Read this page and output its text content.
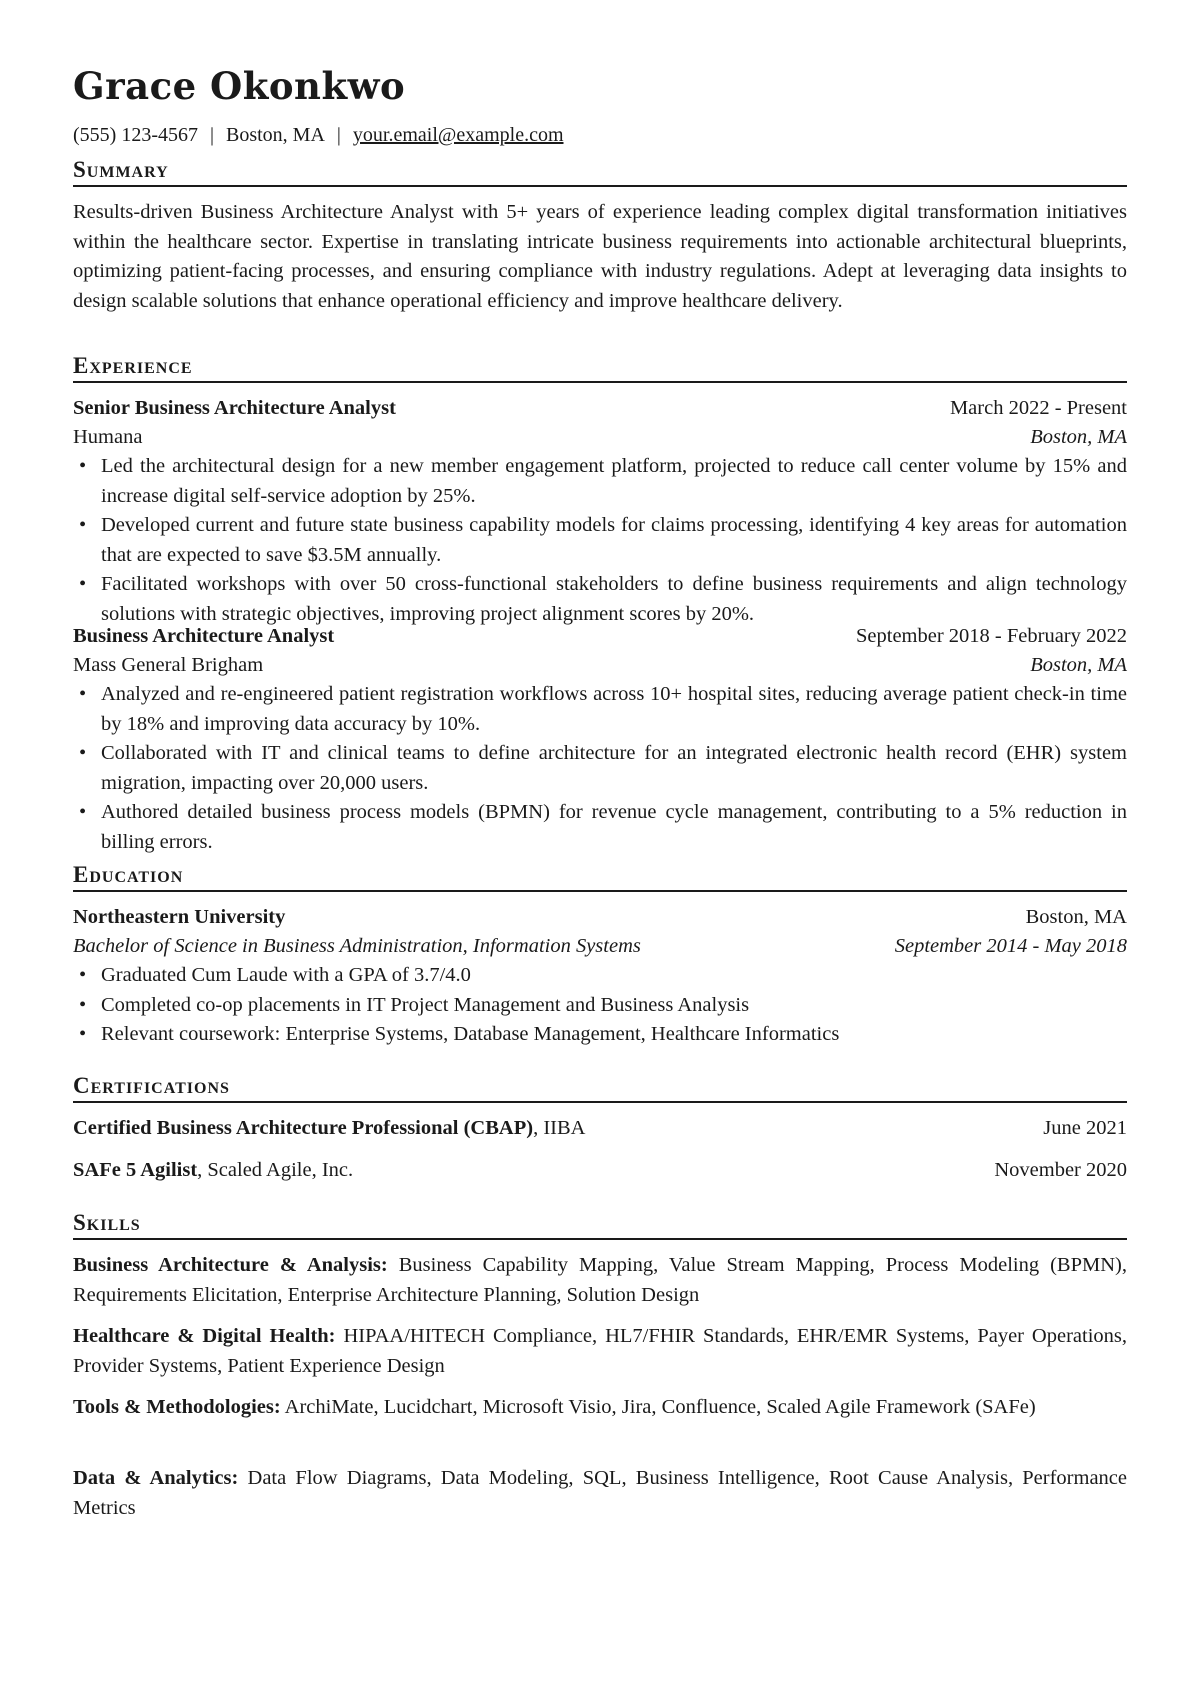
Grace Okonkwo
(555) 123-4567 | Boston, MA | your.email@example.com
Summary
Results-driven Business Architecture Analyst with 5+ years of experience leading complex digital transformation initiatives within the healthcare sector. Expertise in translating intricate business requirements into actionable architectural blueprints, optimizing patient-facing processes, and ensuring compliance with industry regulations. Adept at leveraging data insights to design scalable solutions that enhance operational efficiency and improve healthcare delivery.
Experience
Senior Business Architecture Analyst	March 2022 - Present
Humana	Boston, MA
• Led the architectural design for a new member engagement platform, projected to reduce call center volume by 15% and increase digital self-service adoption by 25%.
• Developed current and future state business capability models for claims processing, identifying 4 key areas for automation that are expected to save $3.5M annually.
• Facilitated workshops with over 50 cross-functional stakeholders to define business requirements and align technology solutions with strategic objectives, improving project alignment scores by 20%.
Business Architecture Analyst	September 2018 - February 2022
Mass General Brigham	Boston, MA
• Analyzed and re-engineered patient registration workflows across 10+ hospital sites, reducing average patient check-in time by 18% and improving data accuracy by 10%.
• Collaborated with IT and clinical teams to define architecture for an integrated electronic health record (EHR) system migration, impacting over 20,000 users.
• Authored detailed business process models (BPMN) for revenue cycle management, contributing to a 5% reduction in billing errors.
Education
Northeastern University	Boston, MA
Bachelor of Science in Business Administration, Information Systems	September 2014 - May 2018
• Graduated Cum Laude with a GPA of 3.7/4.0
• Completed co-op placements in IT Project Management and Business Analysis
• Relevant coursework: Enterprise Systems, Database Management, Healthcare Informatics
Certifications
Certified Business Architecture Professional (CBAP), IIBA	June 2021
SAFe 5 Agilist, Scaled Agile, Inc.	November 2020
Skills
Business Architecture & Analysis: Business Capability Mapping, Value Stream Mapping, Process Modeling (BPMN), Requirements Elicitation, Enterprise Architecture Planning, Solution Design
Healthcare & Digital Health: HIPAA/HITECH Compliance, HL7/FHIR Standards, EHR/EMR Systems, Payer Operations, Provider Systems, Patient Experience Design
Tools & Methodologies: ArchiMate, Lucidchart, Microsoft Visio, Jira, Confluence, Scaled Agile Framework (SAFe)
Data & Analytics: Data Flow Diagrams, Data Modeling, SQL, Business Intelligence, Root Cause Analysis, Performance Metrics
